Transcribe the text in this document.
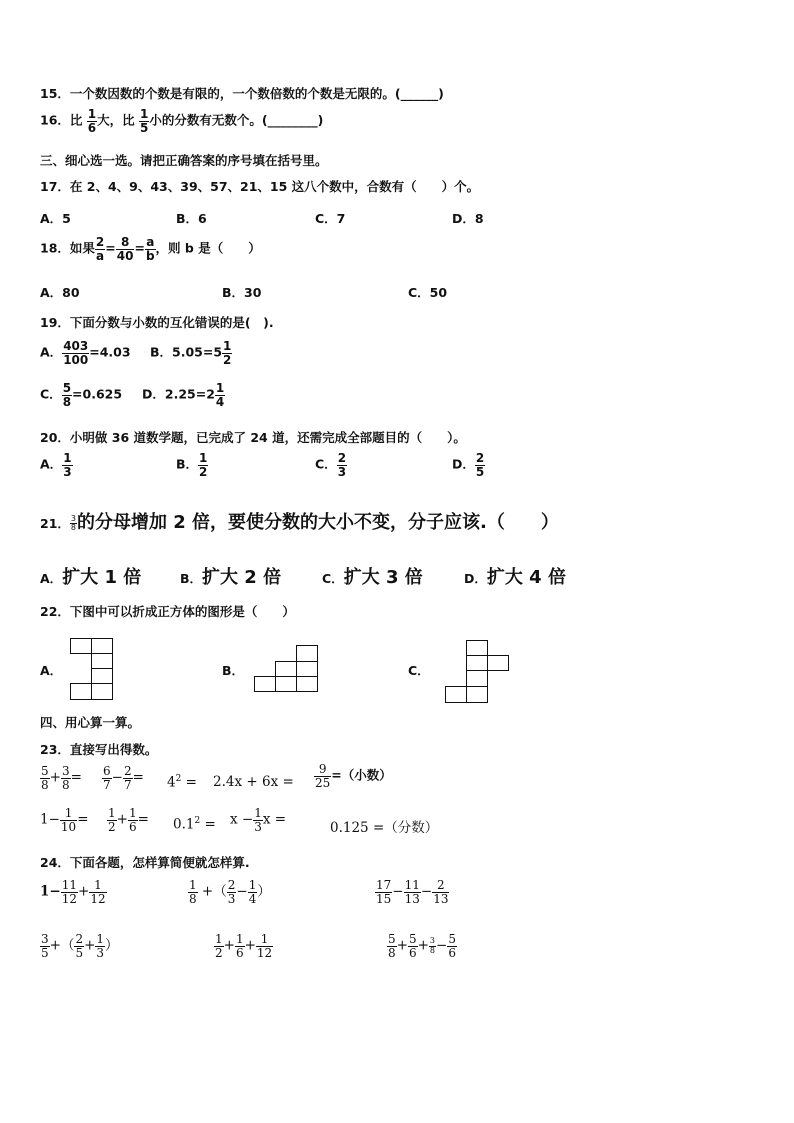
15．一个数因数的个数是有限的，一个数倍数的个数是无限的。(______)
16．比 $\frac{1}{6}$ 大，比 $\frac{1}{5}$ 小的分数有无数个。(________)
三、细心选一选。请把正确答案的序号填在括号里。
17．在 2、4、9、43、39、57、21、15 这八个数中，合数有（　　）个。
A．5	B．6	C．7	D．8
18．如果 $\frac{2}{a} = \frac{8}{40} = \frac{a}{b}$ ，则 b 是（　　）
A．80	B．30	C．50
19．下面分数与小数的互化错误的是(　).
A． $\frac{403}{100} =4.03$ B．$5.05=5 \frac{1}{2}$
C． $\frac{5}{8} =0.625$ D．$2.25=2 \frac{1}{4}$
20．小明做 36 道数学题，已完成了 24 道，还需完成全部题目的（　　）。
A． $\frac{1}{3}$	B． $\frac{1}{2}$	C． $\frac{2}{3}$	D． $\frac{2}{5}$
21． $\frac{3}{8}$ 的分母增加 2 倍，要使分数的大小不变，分子应该.（　　）
A．扩大 1 倍	B．扩大 2 倍	C．扩大 3 倍	D．扩大 4 倍
22．下图中可以折成正方体的图形是（　　）
A．	B．	C．
四、用心算一算。
23．直接写出得数。
$\frac{5}{8} + \frac{3}{8} = \frac{6}{7} - \frac{2}{7} = 4^2 = 2.4x + 6x = \frac{9}{25}$ =（小数）
$1- \frac{1}{10} = \frac{1}{2} + \frac{1}{6} = 0.1^2 = x - \frac{1}{3}$ x =
0.125 =（分数）
24．下面各题，怎样算简便就怎样算.
$1- \frac{11}{12} + \frac{1}{12}$	$\frac{1}{8}$ +（ $\frac{2}{3} - \frac{1}{4}$ ）	$\frac{17}{15} - \frac{11}{13} - \frac{2}{13}$
$\frac{3}{5}$ +（ $\frac{2}{5} + \frac{1}{3}$ ）	$\frac{1}{2} + \frac{1}{6} + \frac{1}{12}$	$\frac{5}{8} + \frac{5}{6} + \frac{3}{8} - \frac{5}{6}$
